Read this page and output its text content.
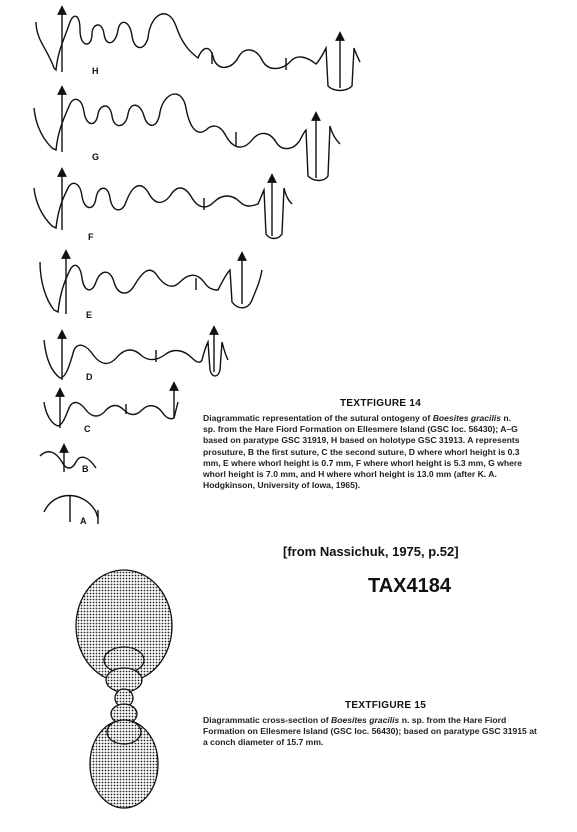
H
G
F
E
D
C
B
A
TEXTFIGURE 14
Diagrammatic representation of the sutural ontogeny of Boesites gracilis n. sp. from the Hare Fiord Formation on Ellesmere Island (GSC loc. 56430); A–G based on paratype GSC 31919, H based on holotype GSC 31913. A represents prosuture, B the first suture, C the second suture, D where whorl height is 0.3 mm, E where whorl height is 0.7 mm, F where whorl height is 5.3 mm, G where whorl height is 7.0 mm, and H where whorl height is 13.0 mm (after K. A. Hodgkinson, University of Iowa, 1965).
[from Nassichuk, 1975, p.52]
TAX4184
TEXTFIGURE 15
Diagrammatic cross-section of Boesites gracilis n. sp. from the Hare Fiord Formation on Ellesmere Island (GSC loc. 56430); based on paratype GSC 31915 at a conch diameter of 15.7 mm.
